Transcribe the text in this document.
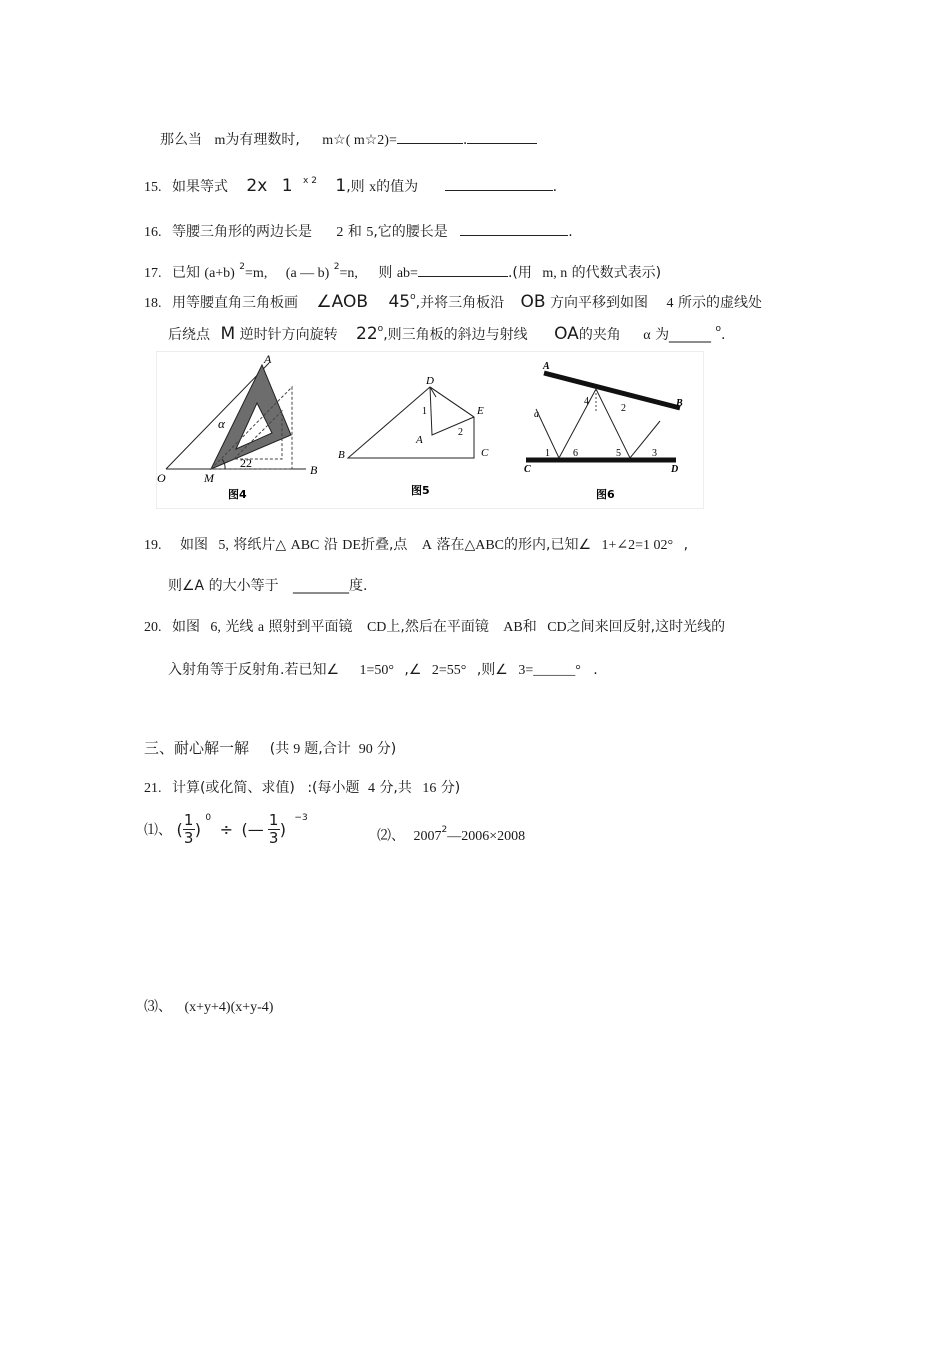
那么当 m为有理数时, m☆( m☆2)=	.
15. 如果等式 2x 1 $^{x 2}$ 1,则 x的值为	.
16. 等腰三角形的两边长是 2 和 5,它的腰长是	.
17. 已知 (a+b) $^2$=m, (a — b) $^2$=n, 则 ab=	.(用 m, n 的代数式表示)
18. 用等腰直角三角板画 ∠AOB 45$^o$,并将三角板沿 OB 方向平移到如图 4 所示的虚线处
后绕点 M 逆时针方向旋转 22$^o$,则三角板的斜边与射线 OA的夹角 α 为______ $^o$.
A
α
O	M
B
22
图4
D
E
B	C
A
1
2
图5
A
B
C	D
a
1 6
4
2
5	3
图6
19. 如图 5, 将纸片△ ABC 沿 DE折叠,点 A 落在△ABC的形内,已知∠ 1+∠2=1 02° ,
则∠A 的大小等于 ________度.
20. 如图 6, 光线 a 照射到平面镜 CD上,然后在平面镜 AB和 CD之间来回反射,这时光线的
入射角等于反射角.若已知∠ 1=50° ,∠ 2=55° ,则∠ 3=______° .
三、耐心解一解 (共 9 题,合计 90 分)
21. 计算(或化简、求值) :(每小题 4 分,共 16 分)
⑴、 $(\frac{1}{3}) ^0$ ÷ (— $\frac{1}{3}$) $^{-3}$
⑵、 $2007^2—2006\times 2008$
⑶、 (x+y+4)(x+y-4)
